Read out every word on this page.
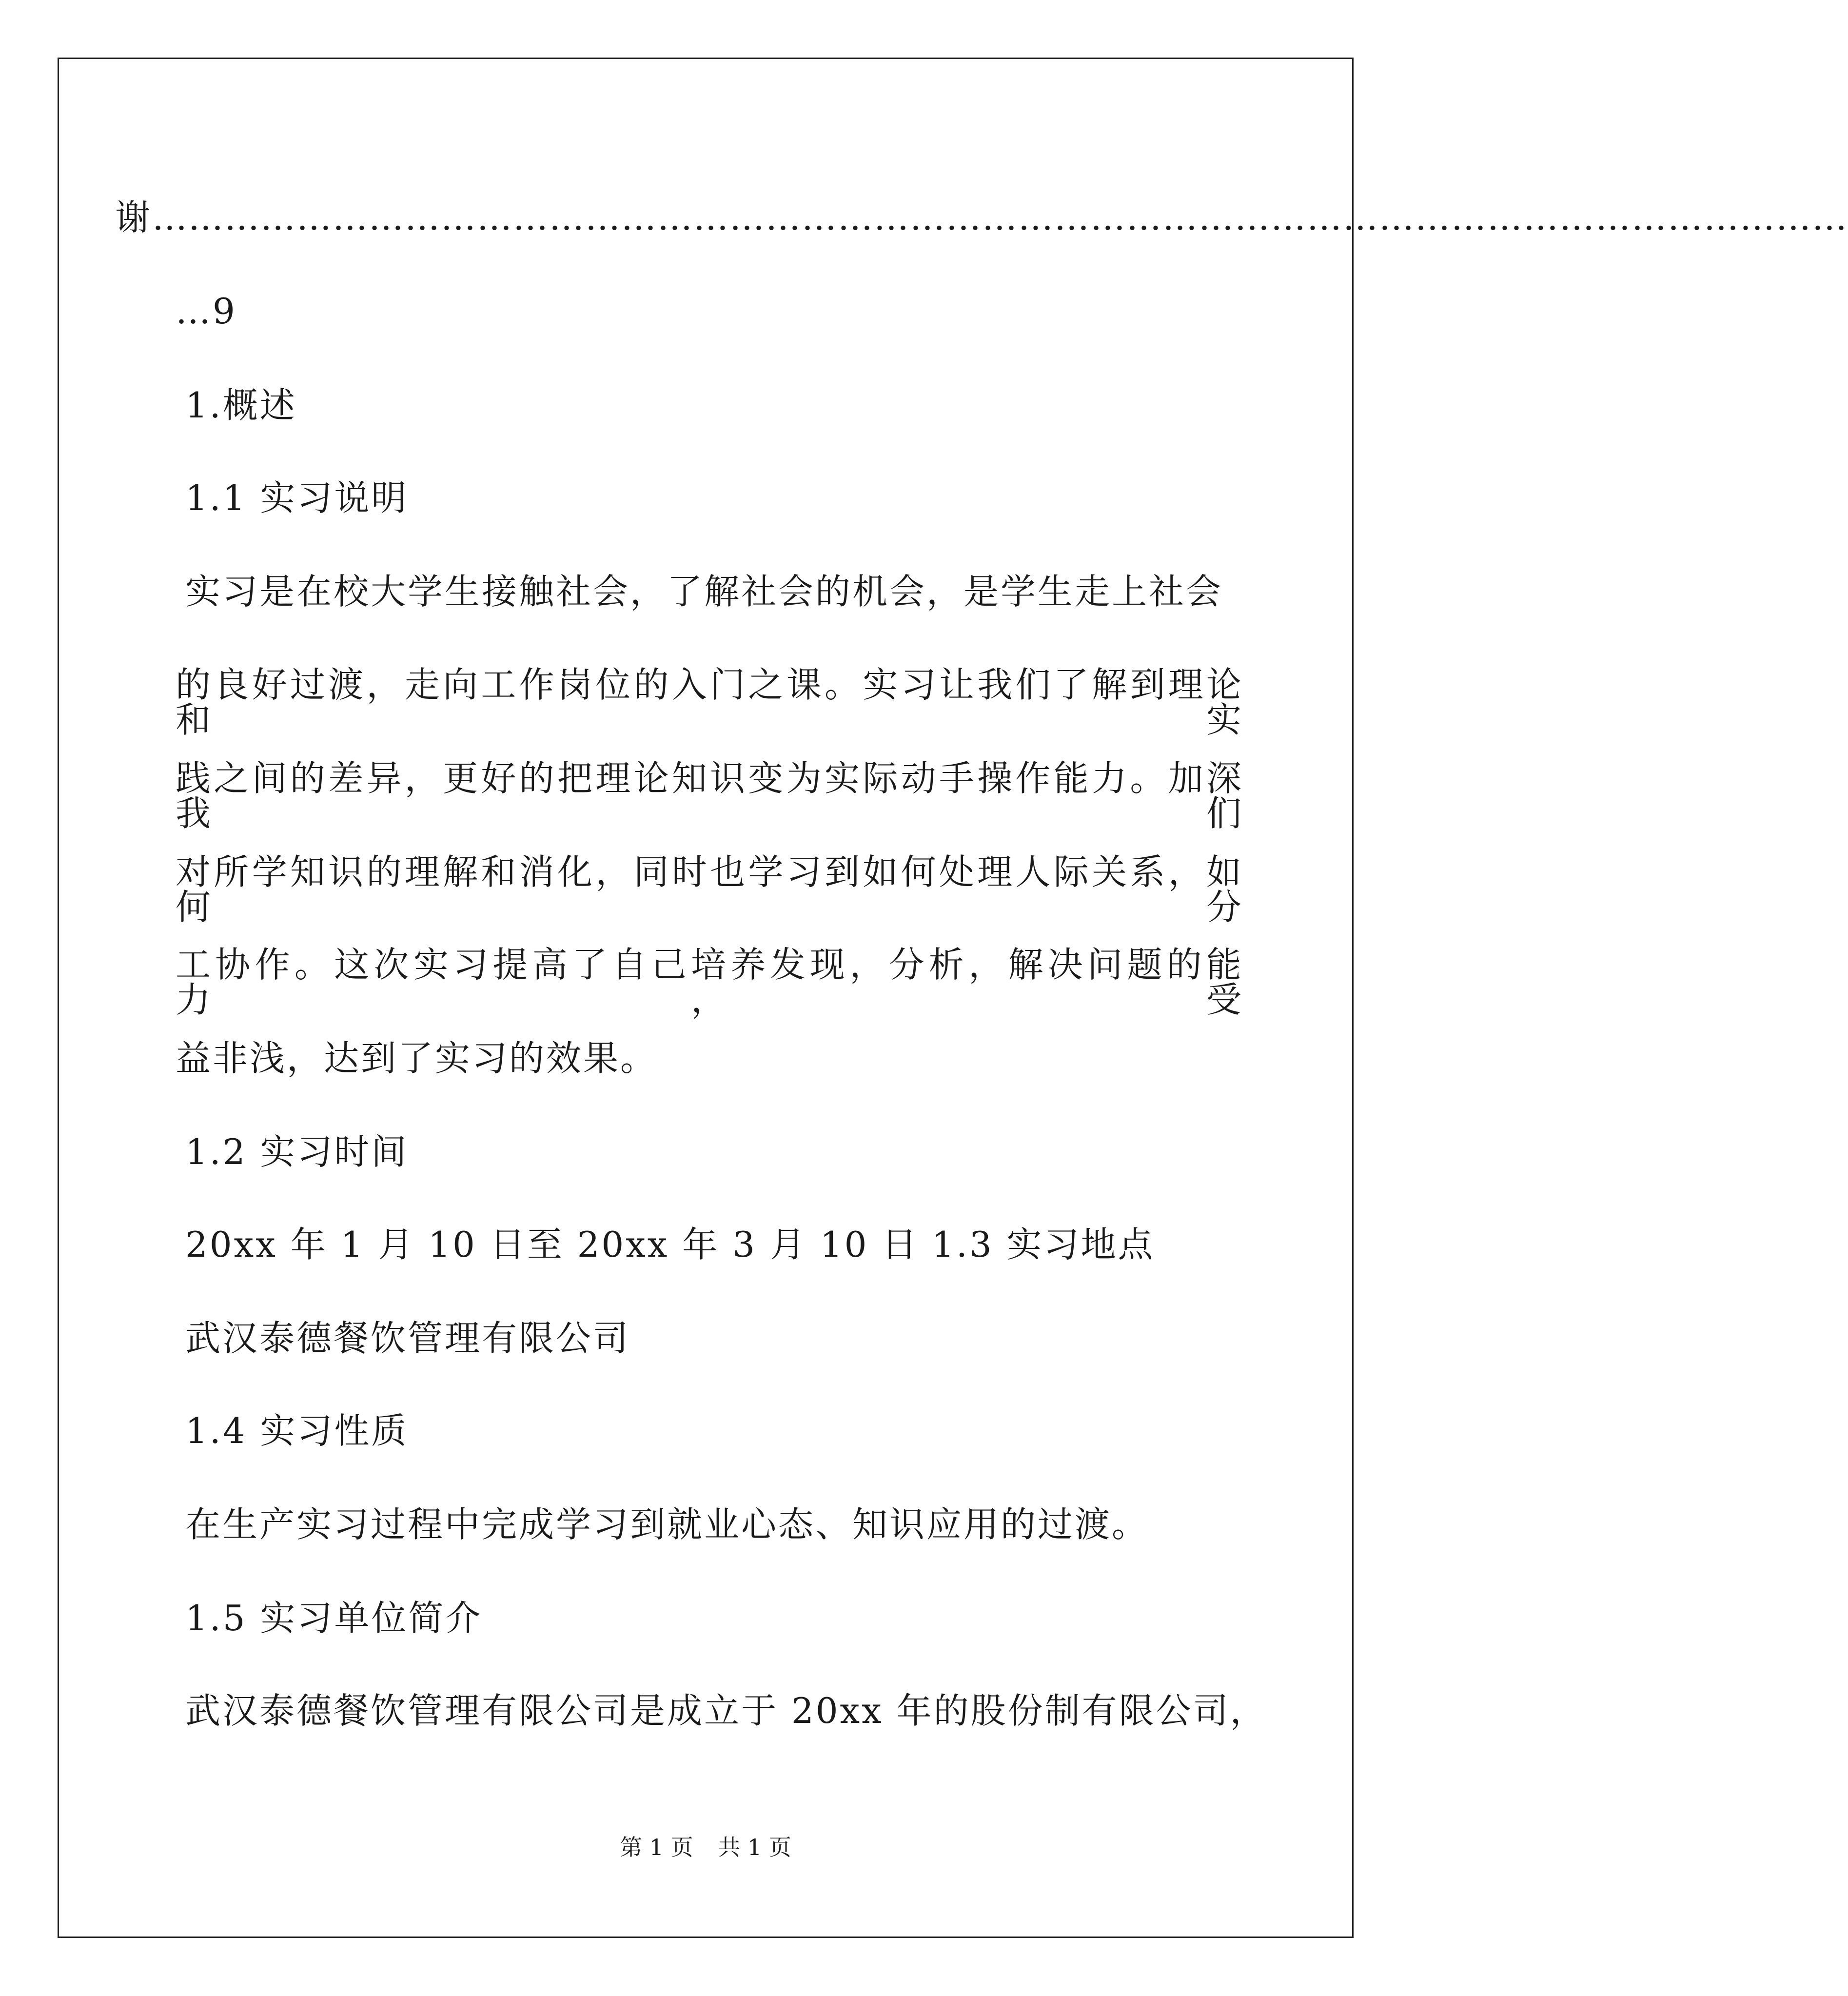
谢 ……………………………………………………………………………………………………………………………
…9
1.概述
1.1 实习说明
实习是在校大学生接触社会，了解社会的机会，是学生走上社会
的良好过渡，走向工作岗位的入门之课。实习让我们了解到理论和实
践之间的差异，更好的把理论知识变为实际动手操作能力。加深我们
对所学知识的理解和消化，同时也学习到如何处理人际关系，如何分
工协作。这次实习提高了自己培养发现，分析，解决问题的能力，受
益非浅，达到了实习的效果。
1.2 实习时间
20xx 年 1 月 10 日至 20xx 年 3 月 10 日 1.3 实习地点
武汉泰德餐饮管理有限公司
1.4 实习性质
在生产实习过程中完成学习到就业心态、知识应用的过渡。
1.5 实习单位简介
武汉泰德餐饮管理有限公司是成立于 20xx 年的股份制有限公司，
第 1 页 共 1 页
